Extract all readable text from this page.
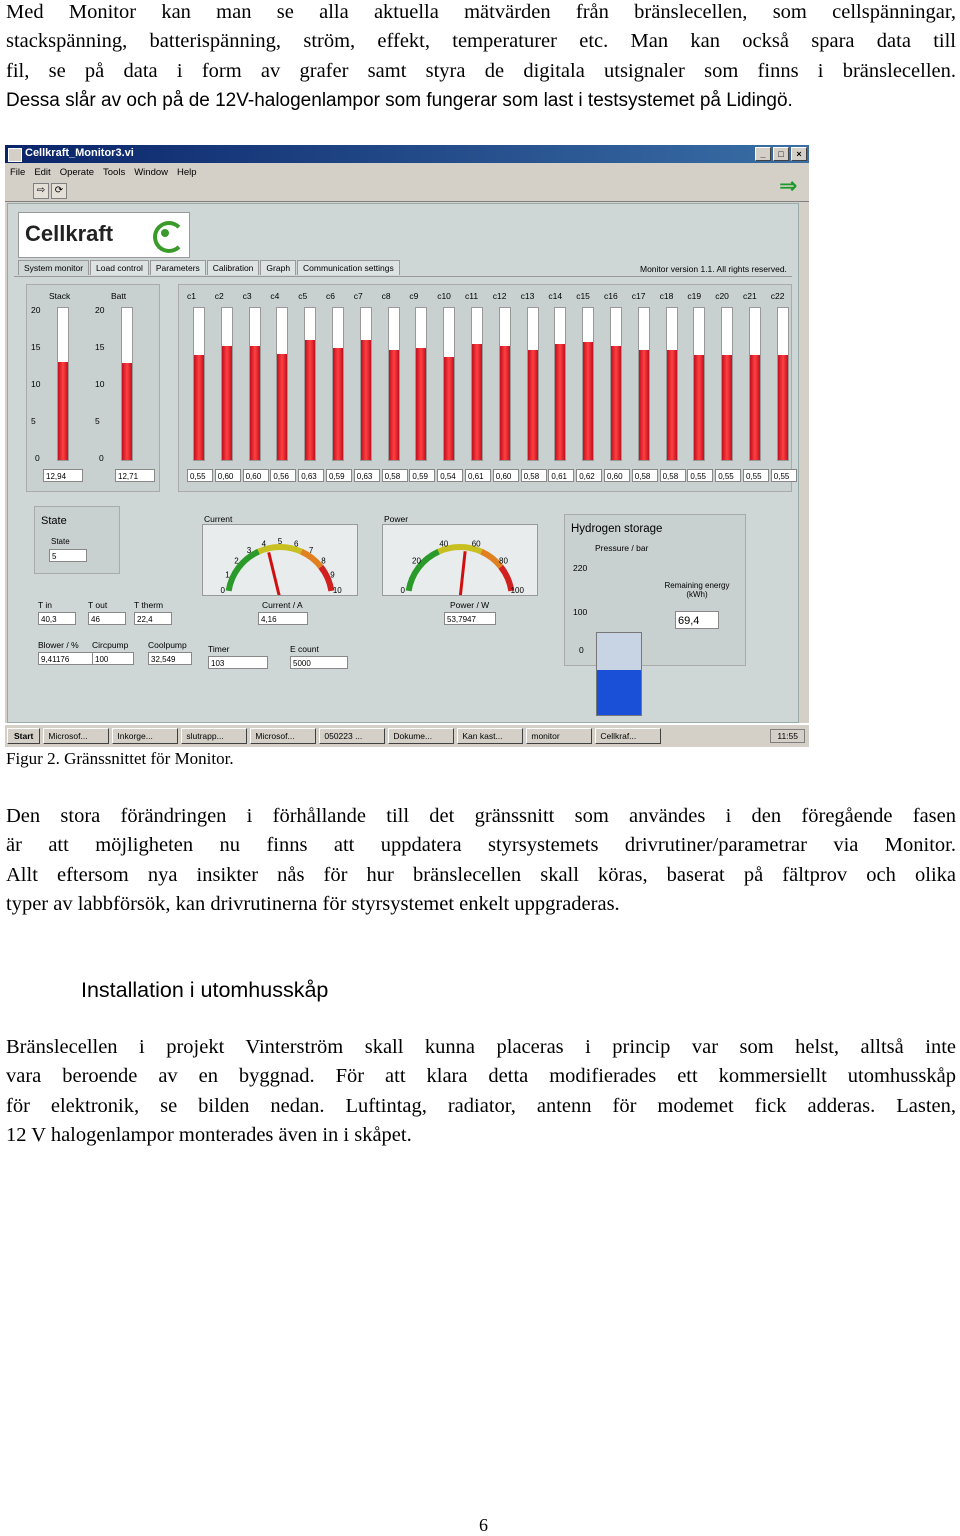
Med Monitor kan man se alla aktuella mätvärden från bränslecellen, som cellspänningar,
stackspänning, batterispänning, ström, effekt, temperaturer etc. Man kan också spara data till
fil, se på data i form av grafer samt styra de digitala utsignaler som finns i bränslecellen.
Dessa slår av och på de 12V-halogenlampor som fungerar som last i testsystemet på Lidingö.
Cellkraft_Monitor3.vi	_	□	×
File Edit Operate Tools Window Help
⇨ ⟳	⇒
Cellkraft
Monitor version 1.1. All rights reserved.
System monitor	Load control	Parameters	Calibration	Graph	Communication settings
Stack	Batt
20
15
10
5
0
20
15
10
5
0
12,94	12,71
c1
0,55
c2
0,60
c3
0,60
c4
0,56
c5
0,63
c6
0,59
c7
0,63
c8
0,58
c9
0,59
c10
0,54
c11
0,61
c12
0,60
c13
0,58
c14
0,61
c15
0,62
c16
0,60
c17
0,58
c18
0,58
c19
0,55
c20
0,55
c21
0,55
c22
0,55
State
State
5
Current
0
1
2
3
4 5 6
7
8
9
10
Current / A
4,16
Power
0
20
40	60
80
100
Power / W
53,7947
Hydrogen storage
Pressure / bar
220
100
0
Remaining energy (kWh)
69,4
T in
40,3
T out
46
T therm
22,4
Blower / %
9,41176
Circpump
100
Coolpump
32,549
Timer
103
E count
5000
Start	Microsof...	Inkorge...	slutrapp...	Microsof...	050223 ...	Dokume...	Kan kast...	monitor	Cellkraf...	11:55
Figur 2. Gränssnittet för Monitor.
Den stora förändringen i förhållande till det gränssnitt som användes i den föregående fasen
är att möjligheten nu finns att uppdatera styrsystemets drivrutiner/parametrar via Monitor.
Allt eftersom nya insikter nås för hur bränslecellen skall köras, baserat på fältprov och olika
typer av labbförsök, kan drivrutinerna för styrsystemet enkelt uppgraderas.
Installation i utomhusskåp
Bränslecellen i projekt Vinterström skall kunna placeras i princip var som helst, alltså inte
vara beroende av en byggnad. För att klara detta modifierades ett kommersiellt utomhusskåp
för elektronik, se bilden nedan. Luftintag, radiator, antenn för modemet fick adderas. Lasten,
12 V halogenlampor monterades även in i skåpet.
6
